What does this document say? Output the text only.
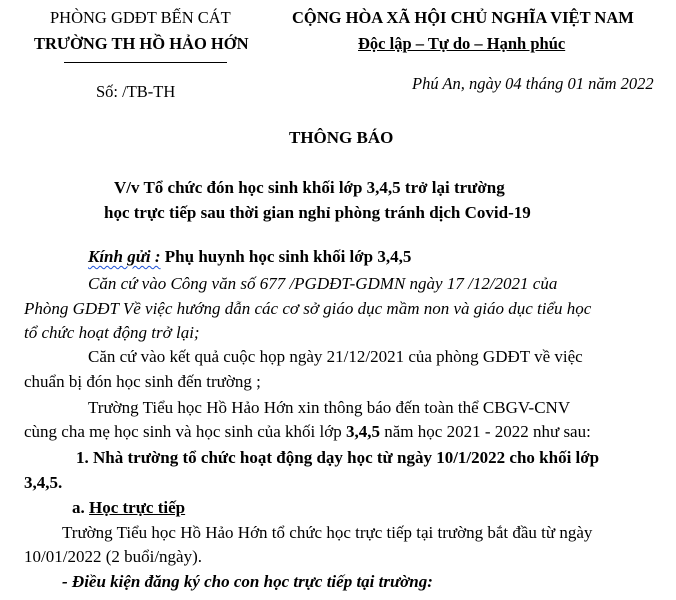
PHÒNG GDĐT BẾN CÁT
TRƯỜNG TH HỒ HẢO HỚN
CỘNG HÒA XÃ HỘI CHỦ NGHĨA VIỆT NAM
Độc lập – Tự do – Hạnh phúc
Số: /TB-TH	Phú An, ngày 04 tháng 01 năm 2022
THÔNG BÁO
V/v Tổ chức đón học sinh khối lớp 3,4,5 trở lại trường
học trực tiếp sau thời gian nghỉ phòng tránh dịch Covid-19
Kính gửi : Phụ huynh học sinh khối lớp 3,4,5
Căn cứ vào Công văn số 677 /PGDĐT-GDMN ngày 17 /12/2021 của
Phòng GDĐT Về việc hướng dẫn các cơ sở giáo dục mầm non và giáo dục tiểu học
tổ chức hoạt động trở lại;
Căn cứ vào kết quả cuộc họp ngày 21/12/2021 của phòng GDĐT về việc
chuẩn bị đón học sinh đến trường ;
Trường Tiểu học Hồ Hảo Hớn xin thông báo đến toàn thể CBGV-CNV
cùng cha mẹ học sinh và học sinh của khối lớp 3,4,5 năm học 2021 - 2022 như sau:
1. Nhà trường tổ chức hoạt động dạy học từ ngày 10/1/2022 cho khối lớp
3,4,5.
a. Học trực tiếp
Trường Tiểu học Hồ Hảo Hớn tổ chức học trực tiếp tại trường bắt đầu từ ngày
10/01/2022 (2 buổi/ngày).
- Điều kiện đăng ký cho con học trực tiếp tại trường:
